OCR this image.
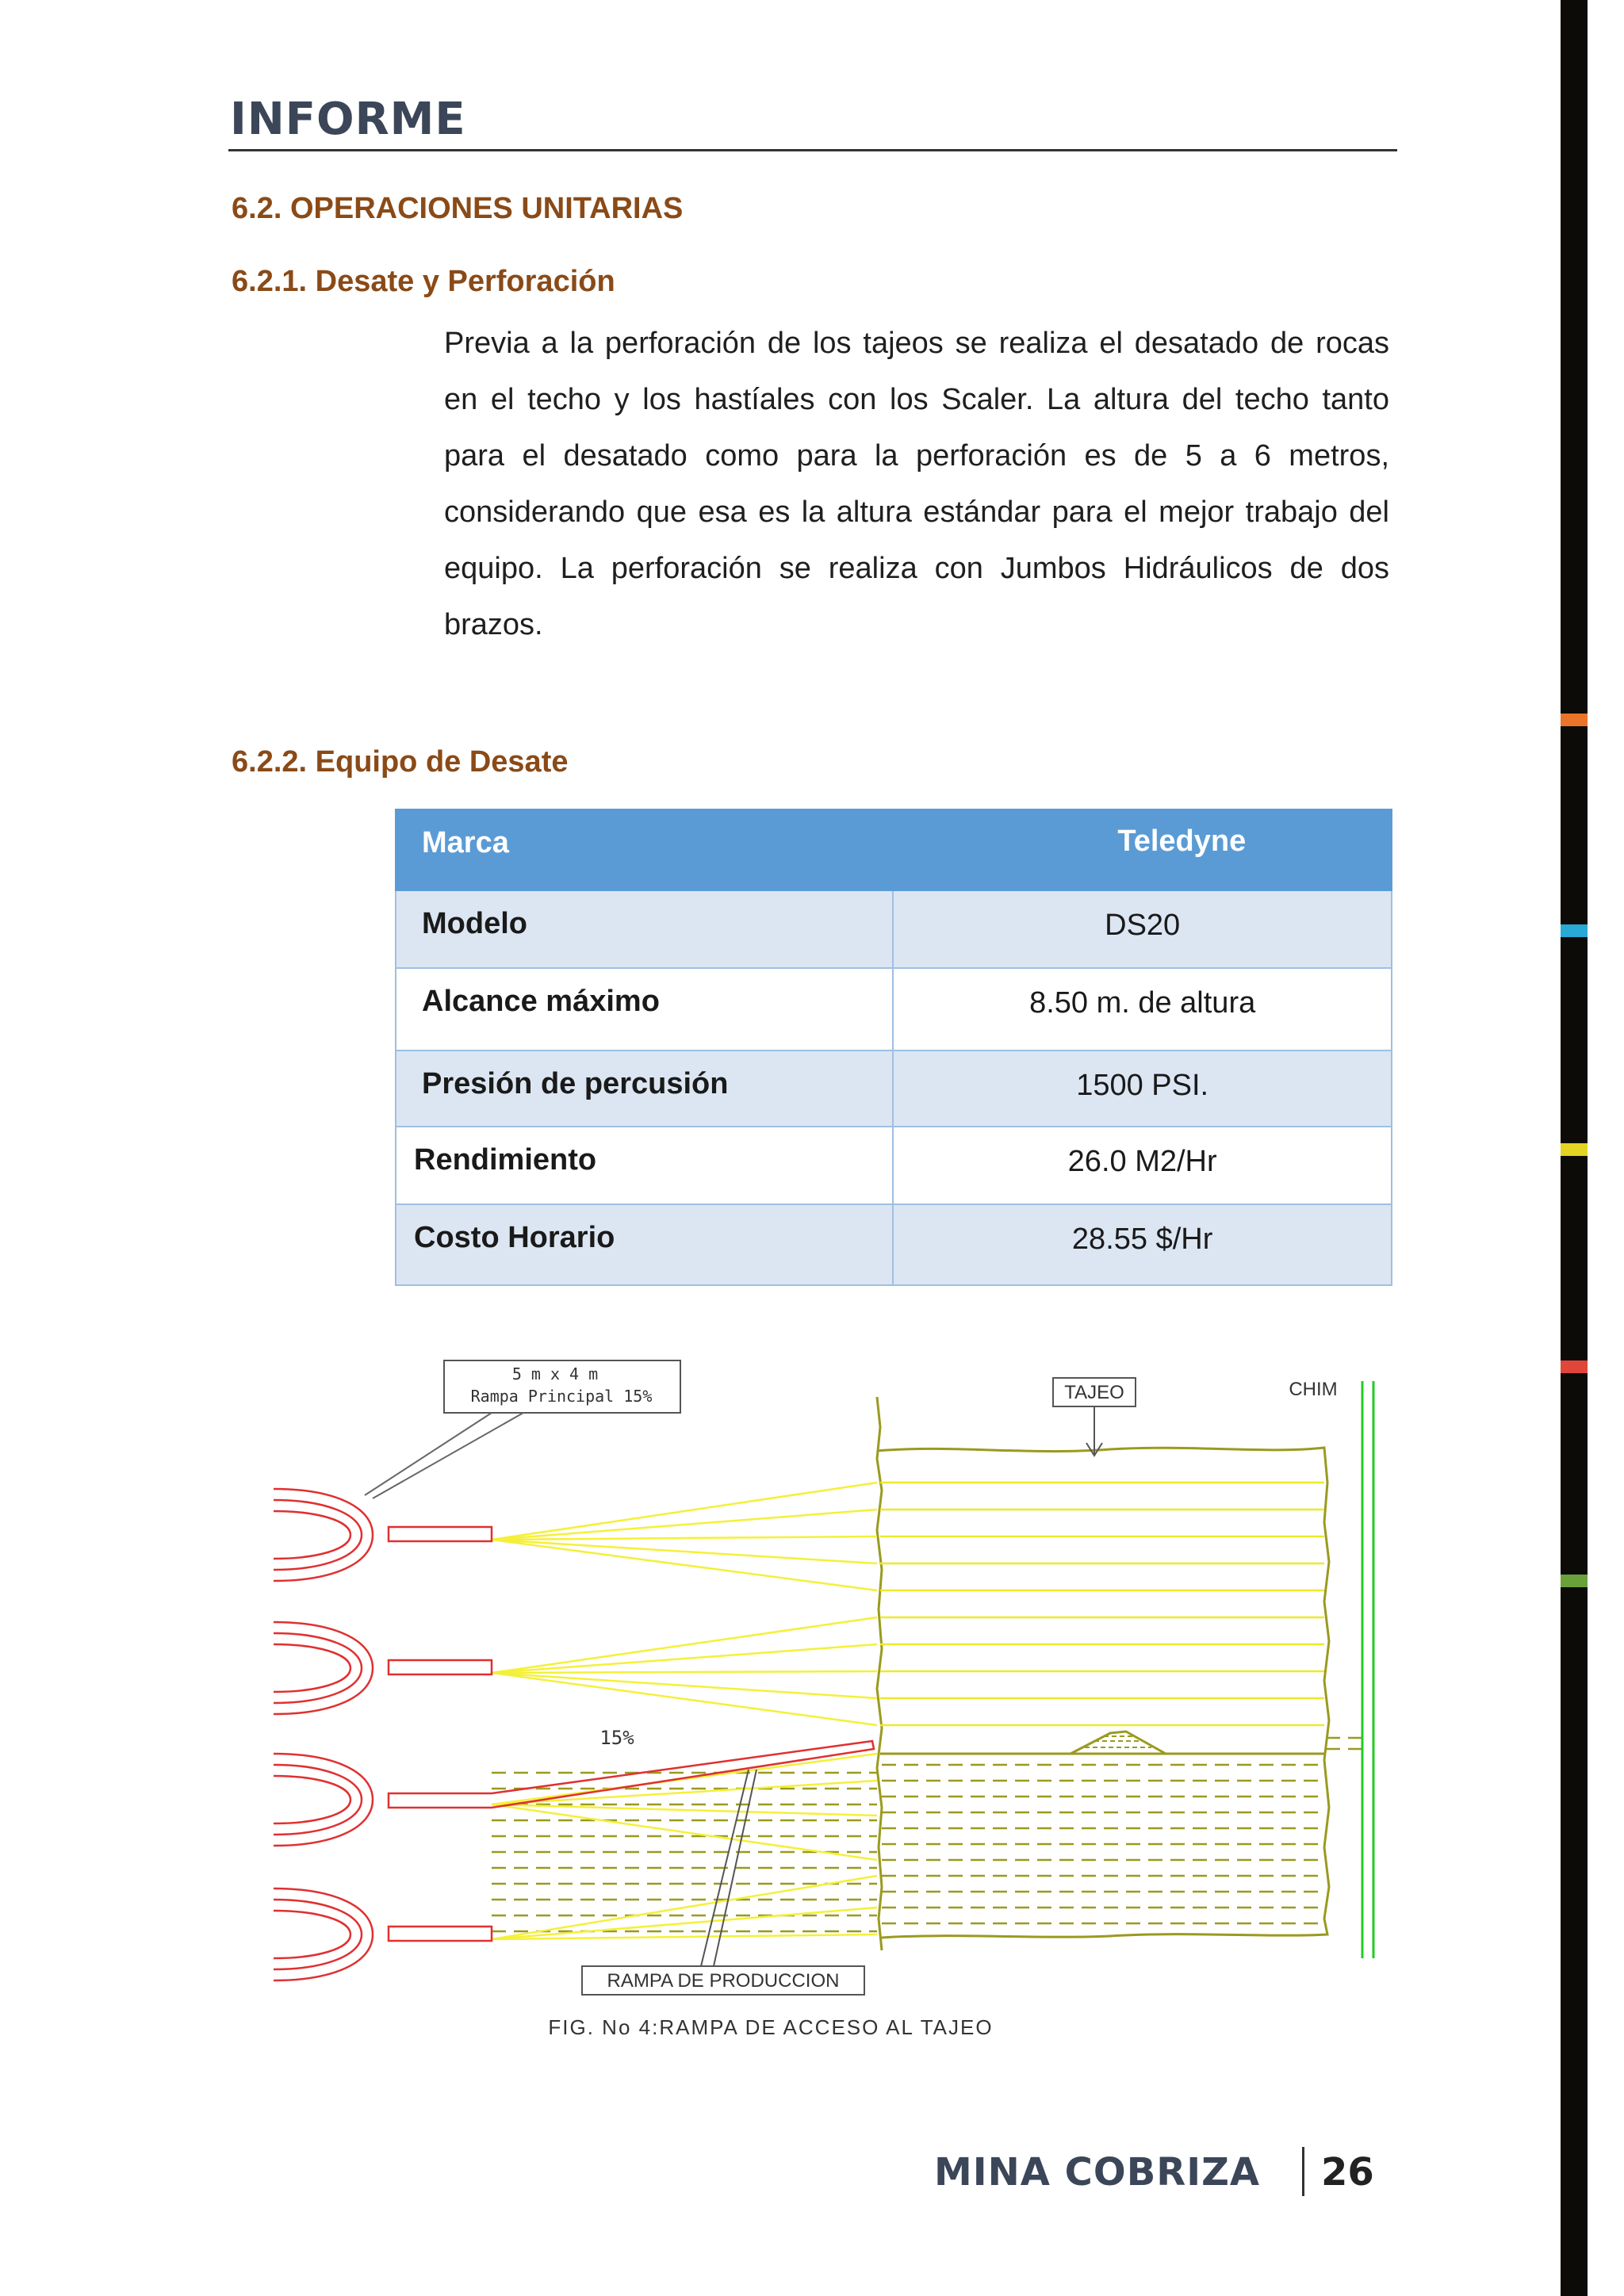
INFORME
6.2. OPERACIONES UNITARIAS
6.2.1. Desate y Perforación
Previa a la perforación de los tajeos se realiza el desatado de rocas en el techo y los hastíales con los Scaler. La altura del techo tanto para el desatado como para la perforación es de 5 a 6 metros, considerando que esa es la altura estándar para el mejor trabajo del equipo. La perforación se realiza con Jumbos Hidráulicos de dos brazos.
6.2.2. Equipo de Desate
Marca	Teledyne

Modelo	DS20

Alcance máximo	8.50 m. de altura

Presión de percusión	1500 PSI.

Rendimiento	26.0 M2/Hr

Costo Horario	28.55 $/Hr
5 m x 4 m
Rampa Principal 15%	TAJEO	CHIM
15%
RAMPA DE PRODUCCION
FIG. No 4:RAMPA DE ACCESO AL TAJEO
MINA COBRIZA 26
